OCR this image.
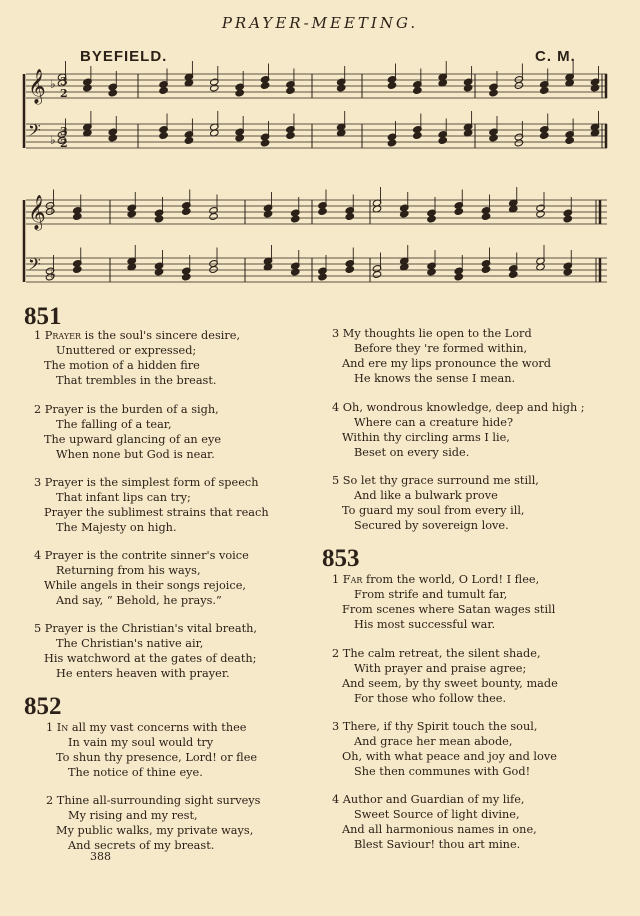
PRAYER-MEETING.
BYEFIELD.	C. M.
𝄞 ♭ 3
2
𝄢 ♭
3
2
𝄞 ♭
𝄢 ♭
851
1 Prayer is the soul's sincere desire,
Unuttered or expressed;
The motion of a hidden fire
That trembles in the breast.
2 Prayer is the burden of a sigh,
The falling of a tear,
The upward glancing of an eye
When none but God is near.
3 Prayer is the simplest form of speech
That infant lips can try;
Prayer the sublimest strains that reach
The Majesty on high.
4 Prayer is the contrite sinner's voice
Returning from his ways,
While angels in their songs rejoice,
And say, “ Behold, he prays.”
5 Prayer is the Christian's vital breath,
The Christian's native air,
His watchword at the gates of death;
He enters heaven with prayer.
852
1 In all my vast concerns with thee
In vain my soul would try
To shun thy presence, Lord! or flee
The notice of thine eye.
2 Thine all-surrounding sight surveys
My rising and my rest,
My public walks, my private ways,
And secrets of my breast.
388
3 My thoughts lie open to the Lord
Before they 're formed within,
And ere my lips pronounce the word
He knows the sense I mean.
4 Oh, wondrous knowledge, deep and high ;
Where can a creature hide?
Within thy circling arms I lie,
Beset on every side.
5 So let thy grace surround me still,
And like a bulwark prove
To guard my soul from every ill,
Secured by sovereign love.
853
1 Far from the world, O Lord! I flee,
From strife and tumult far,
From scenes where Satan wages still
His most successful war.
2 The calm retreat, the silent shade,
With prayer and praise agree;
And seem, by thy sweet bounty, made
For those who follow thee.
3 There, if thy Spirit touch the soul,
And grace her mean abode,
Oh, with what peace and joy and love
She then communes with God!
4 Author and Guardian of my life,
Sweet Source of light divine,
And all harmonious names in one,
Blest Saviour! thou art mine.
